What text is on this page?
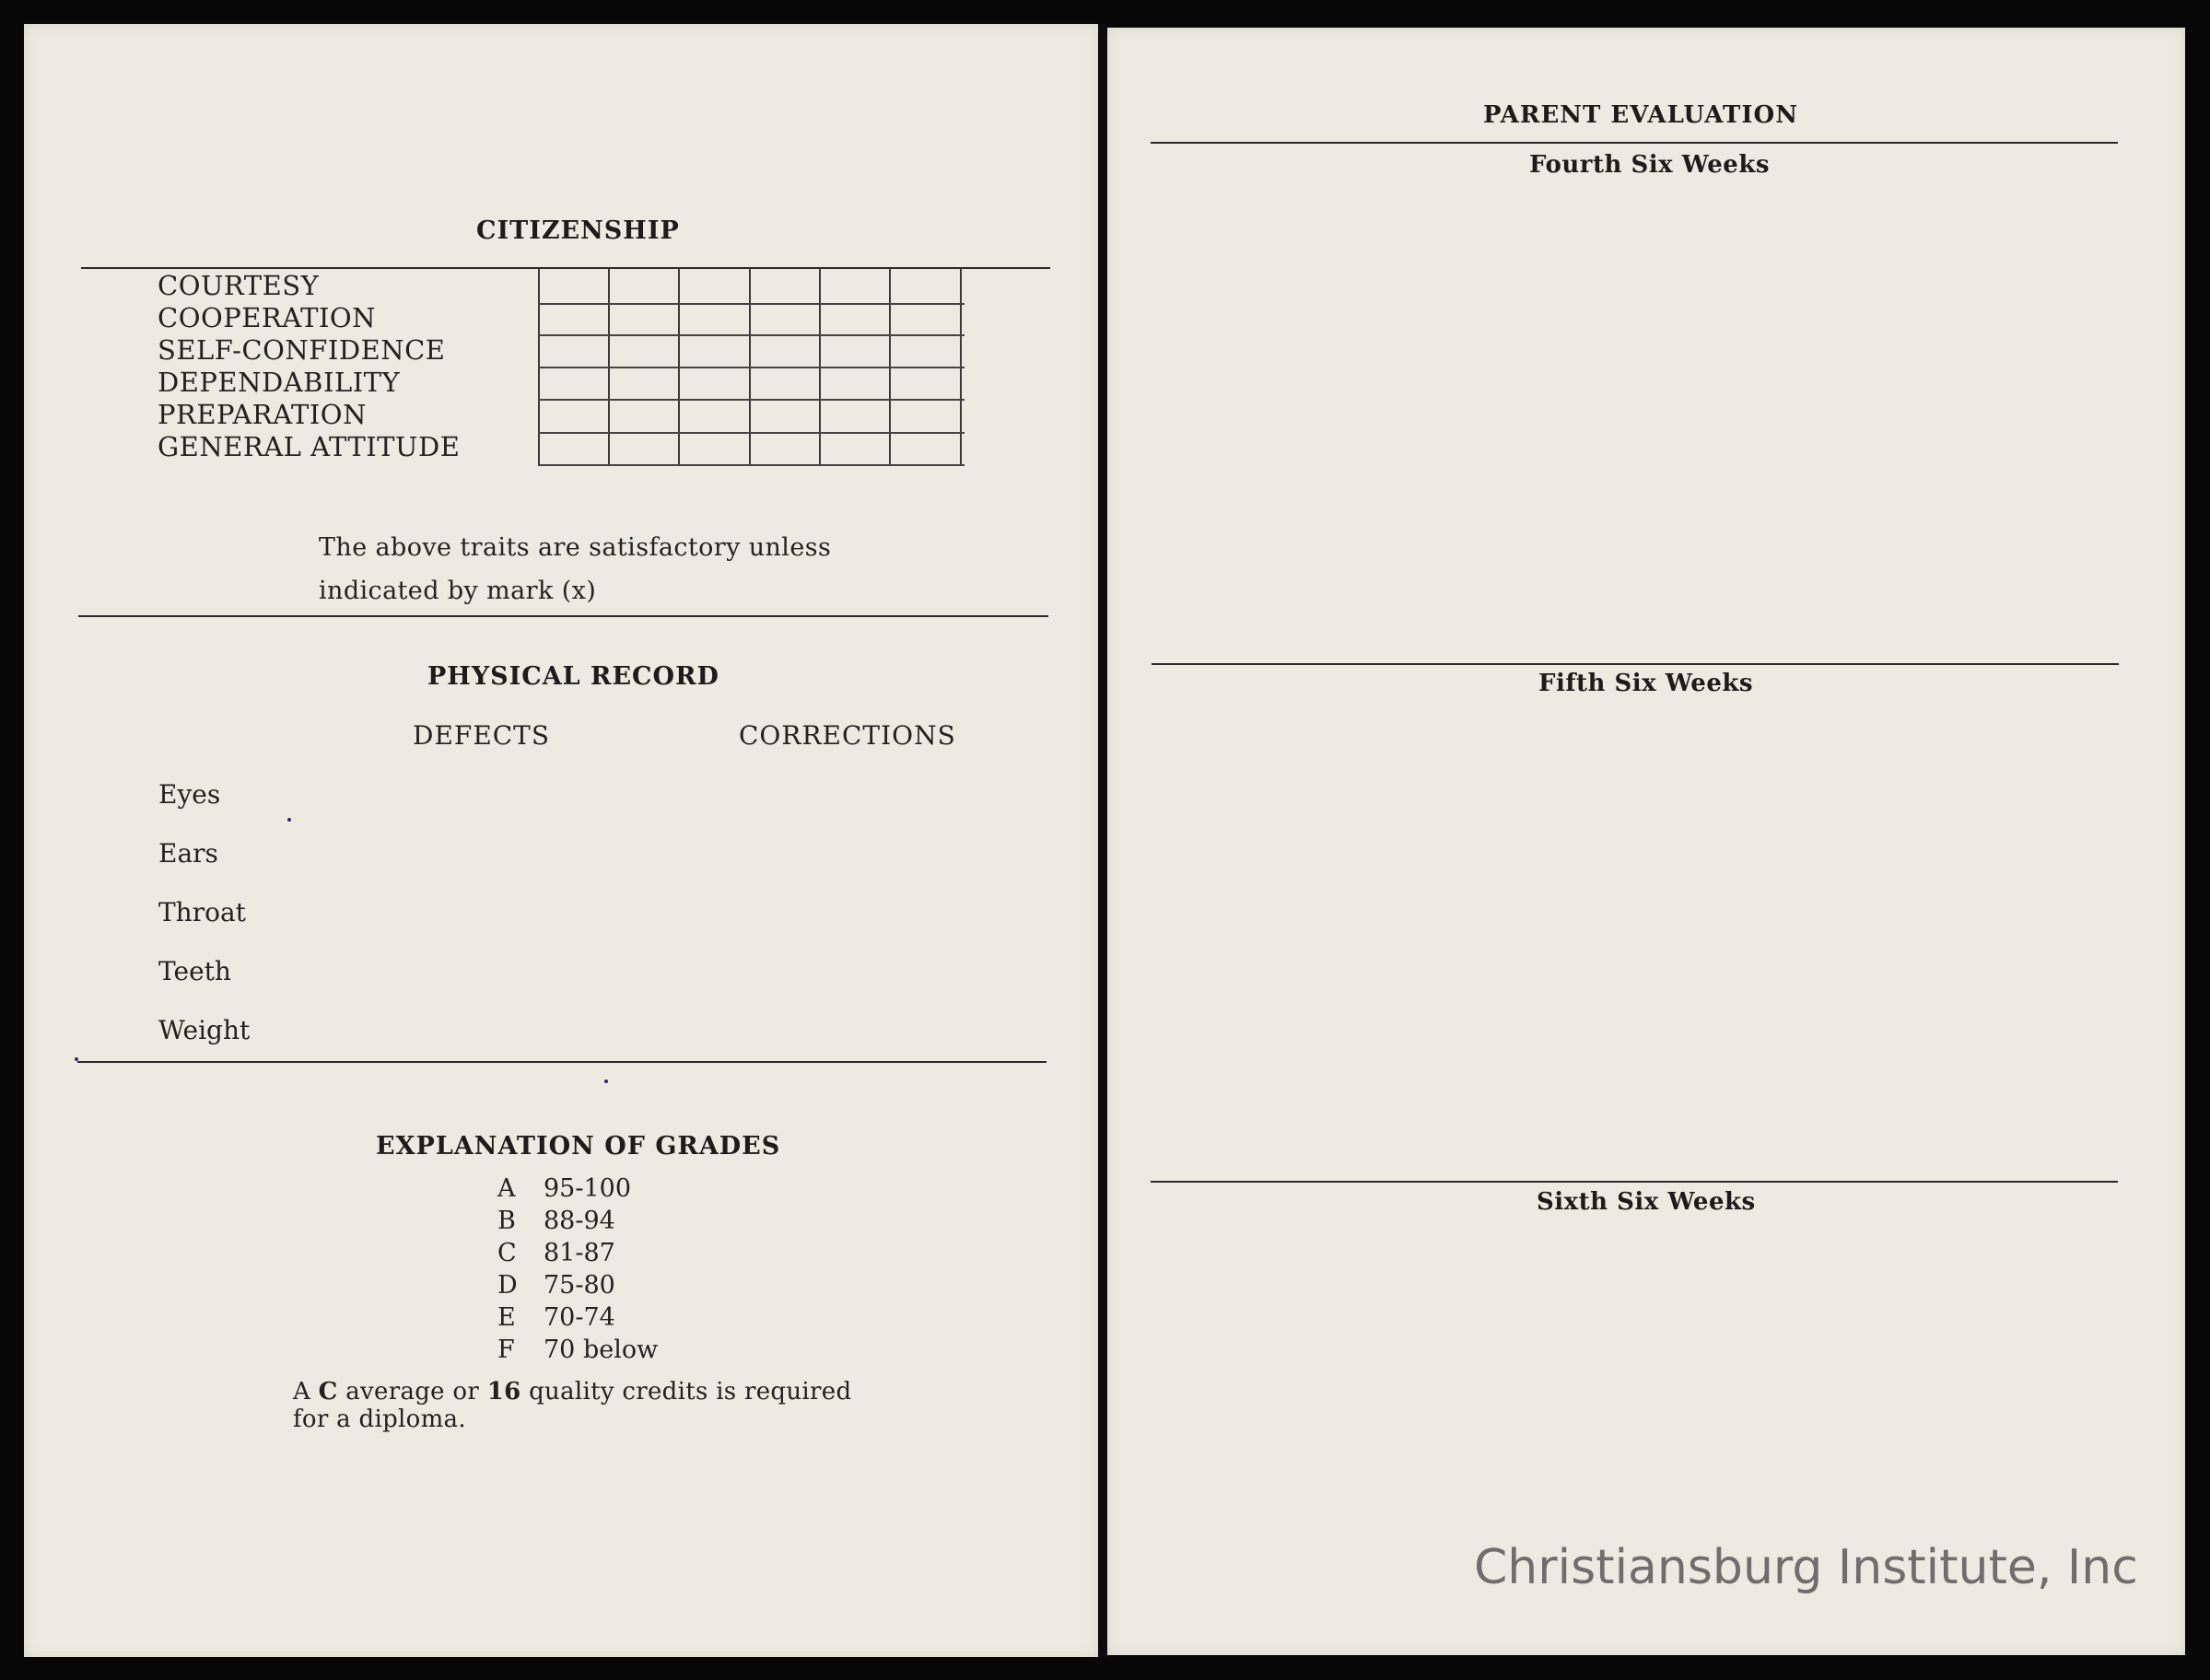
CITIZENSHIP
COURTESY
COOPERATION
SELF-CONFIDENCE
DEPENDABILITY
PREPARATION
GENERAL ATTITUDE
The above traits are satisfactory unless
indicated by mark (x)
PHYSICAL RECORD
DEFECTS	CORRECTIONS
Eyes
Ears
Throat
Teeth
Weight
EXPLANATION OF GRADES
A 95-100
B 88-94
C 81-87
D 75-80
E 70-74
F 70 below
A C average or 16 quality credits is required
for a diploma.
PARENT EVALUATION
Fourth Six Weeks
Fifth Six Weeks
Sixth Six Weeks
Christiansburg Institute, Inc
